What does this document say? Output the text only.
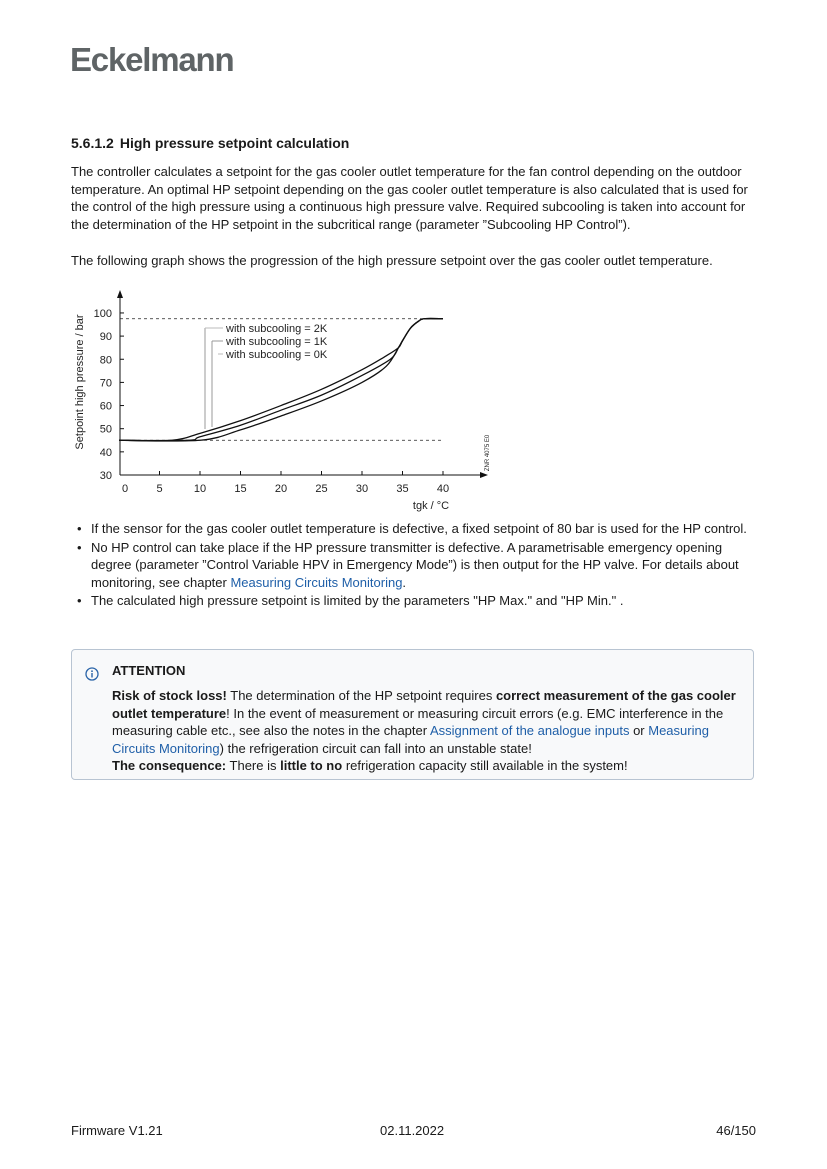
Eckelmann
5.6.1.2 High pressure setpoint calculation

The controller calculates a setpoint for the gas cooler outlet temperature for the fan control depending on the outdoor temperature. An optimal HP setpoint depending on the gas cooler outlet temperature is also calculated that is used for the control of the high pressure using a continuous high pressure valve. Required subcooling is taken into account for the determination of the HP setpoint in the subcritical range (parameter ”Subcooling HP Control”).

The following graph shows the progression of the high pressure setpoint over the gas cooler outlet temperature.

30
40
50
60
70
80
90
100
0	5	10	15	20	25	30	35	40
with subcooling = 2K
with subcooling = 1K
with subcooling = 0K
Setpoint high pressure / bar
tgk / °C
ZNR 4075 E0
• If the sensor for the gas cooler outlet temperature is defective, a fixed setpoint of 80 bar is used for the HP control.
• No HP control can take place if the HP pressure transmitter is defective. A parametrisable emergency opening degree (parameter ”Control Variable HPV in Emergency Mode”) is then output for the HP valve. For details about monitoring, see chapter Measuring Circuits Monitoring.
• The calculated high pressure setpoint is limited by the parameters "HP Max." and "HP Min." .
ATTENTION
Risk of stock loss! The determination of the HP setpoint requires correct measurement of the gas cooler outlet temperature! In the event of measurement or measuring circuit errors (e.g. EMC interference in the measuring cable etc., see also the notes in the chapter Assignment of the analogue inputs or Measuring Circuits Monitoring) the refrigeration circuit can fall into an unstable state!
The consequence: There is little to no refrigeration capacity still available in the system!
Firmware V1.21	02.11.2022	46/150
